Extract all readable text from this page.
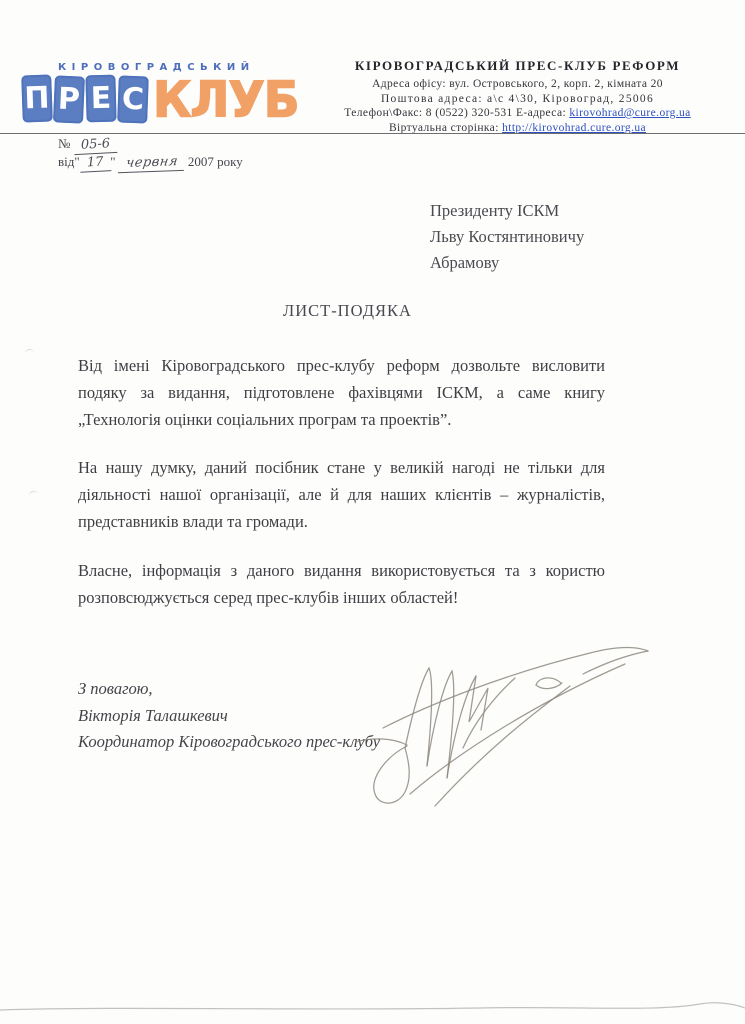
КІРОВОГРАДСЬКИЙ
П Р Е С КЛУБ
КІРОВОГРАДСЬКИЙ ПРЕС-КЛУБ РЕФОРМ
Адреса офісу: вул. Островського, 2, корп. 2, кімната 20
Поштова адреса: а\с 4\30, Кіровоград, 25006
Телефон\Факс: 8 (0522) 320-531 Е-адреса: kirovohrad@cure.org.ua
Віртуальна сторінка: http://kirovohrad.cure.org.ua
№ 05-6
від" 17 " червня 2007 року
Президенту ІСКМ
Льву Костянтиновичу
Абрамову
ЛИСТ-ПОДЯКА
Від імені Кіровоградського прес-клубу реформ дозвольте висловити подяку за видання, підготовлене фахівцями ІСКМ, а саме книгу „Технологія оцінки соціальних програм та проектів”.
На нашу думку, даний посібник стане у великій нагоді не тільки для діяльності нашої організації, але й для наших клієнтів – журналістів, представників влади та громади.
Власне, інформація з даного видання використовується та з користю розповсюджується серед прес-клубів інших областей!
З повагою,
Вікторія Талашкевич
Координатор Кіровоградського прес-клубу
